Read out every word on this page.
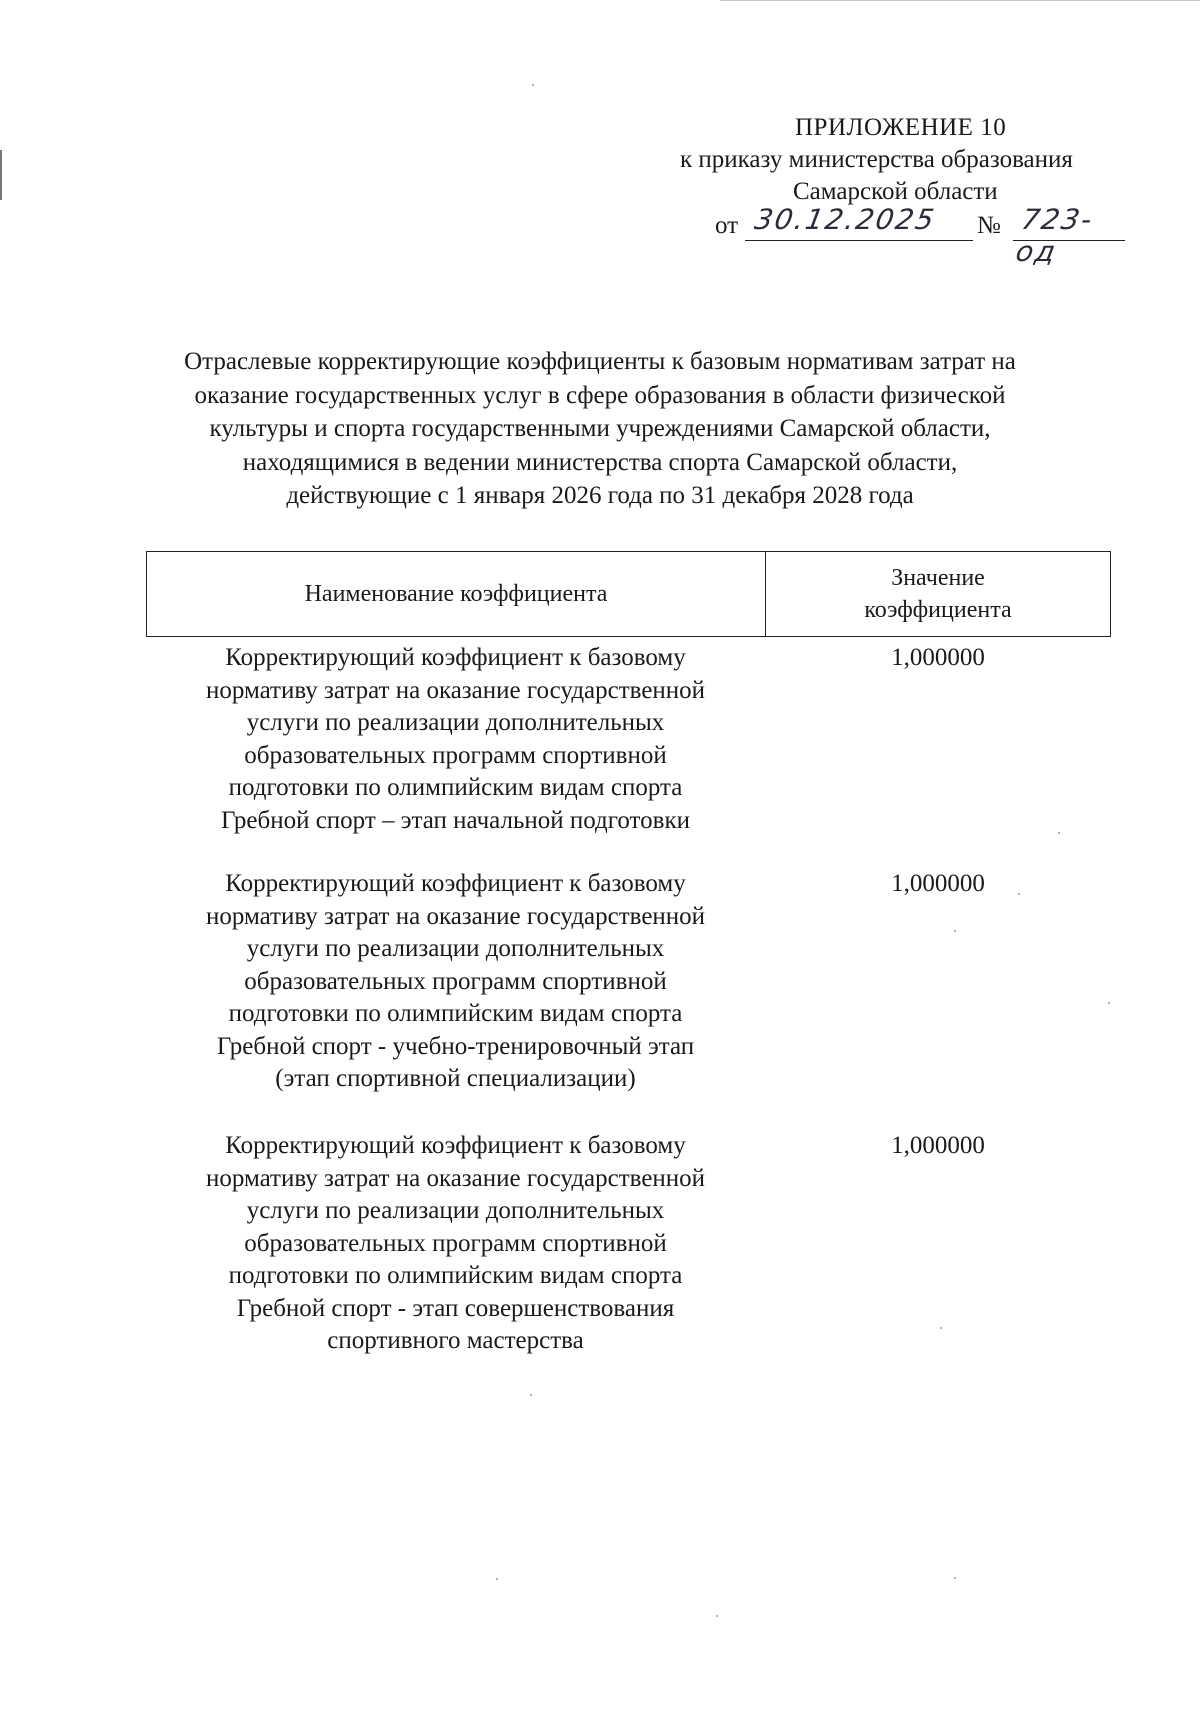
ПРИЛОЖЕНИЕ 10
к приказу министерства образования
Самарской области
от 30.12.2025 № 723-од
Отраслевые корректирующие коэффициенты к базовым нормативам затрат на
оказание государственных услуг в сфере образования в области физической
культуры и спорта государственными учреждениями Самарской области,
находящимися в ведении министерства спорта Самарской области,
действующие с 1 января 2026 года по 31 декабря 2028 года
Наименование коэффициента
Значение
коэффициента
Корректирующий коэффициент к базовому
нормативу затрат на оказание государственной
услуги по реализации дополнительных
образовательных программ спортивной
подготовки по олимпийским видам спорта
Гребной спорт – этап начальной подготовки
1,000000
Корректирующий коэффициент к базовому
нормативу затрат на оказание государственной
услуги по реализации дополнительных
образовательных программ спортивной
подготовки по олимпийским видам спорта
Гребной спорт - учебно-тренировочный этап
(этап спортивной специализации)
1,000000
Корректирующий коэффициент к базовому
нормативу затрат на оказание государственной
услуги по реализации дополнительных
образовательных программ спортивной
подготовки по олимпийским видам спорта
Гребной спорт - этап совершенствования
спортивного мастерства
1,000000
